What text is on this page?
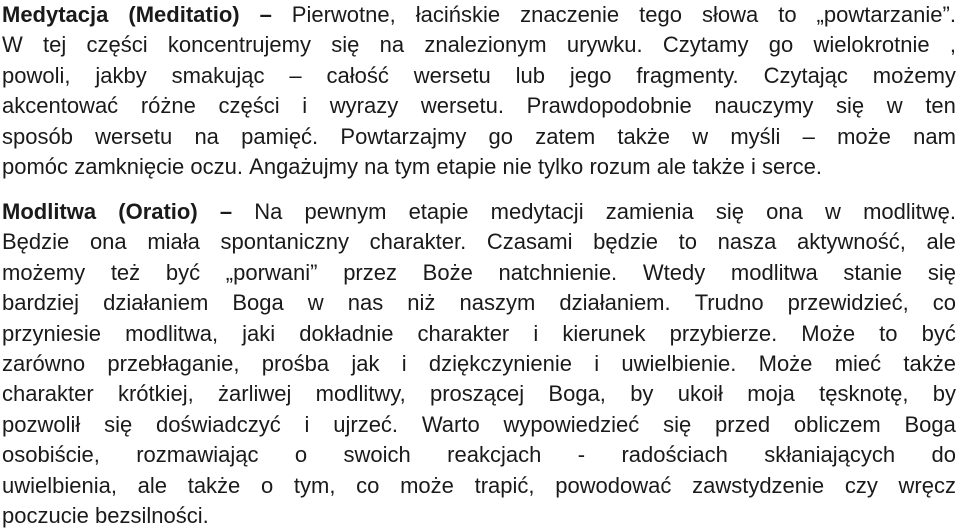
Medytacja (Meditatio) – Pierwotne, łacińskie znaczenie tego słowa to „powtarzanie”.
W tej części koncentrujemy się na znalezionym urywku. Czytamy go wielokrotnie ,
powoli, jakby smakując – całość wersetu lub jego fragmenty. Czytając możemy
akcentować różne części i wyrazy wersetu. Prawdopodobnie nauczymy się w ten
sposób wersetu na pamięć. Powtarzajmy go zatem także w myśli – może nam
pomóc zamknięcie oczu. Angażujmy na tym etapie nie tylko rozum ale także i serce.
Modlitwa (Oratio) – Na pewnym etapie medytacji zamienia się ona w modlitwę.
Będzie ona miała spontaniczny charakter. Czasami będzie to nasza aktywność, ale
możemy też być „porwani” przez Boże natchnienie. Wtedy modlitwa stanie się
bardziej działaniem Boga w nas niż naszym działaniem. Trudno przewidzieć, co
przyniesie modlitwa, jaki dokładnie charakter i kierunek przybierze. Może to być
zarówno przebłaganie, prośba jak i dziękczynienie i uwielbienie. Może mieć także
charakter krótkiej, żarliwej modlitwy, proszącej Boga, by ukoił moja tęsknotę, by
pozwolił się doświadczyć i ujrzeć. Warto wypowiedzieć się przed obliczem Boga
osobiście, rozmawiając o swoich reakcjach - radościach skłaniających do
uwielbienia, ale także o tym, co może trapić, powodować zawstydzenie czy wręcz
poczucie bezsilności.
